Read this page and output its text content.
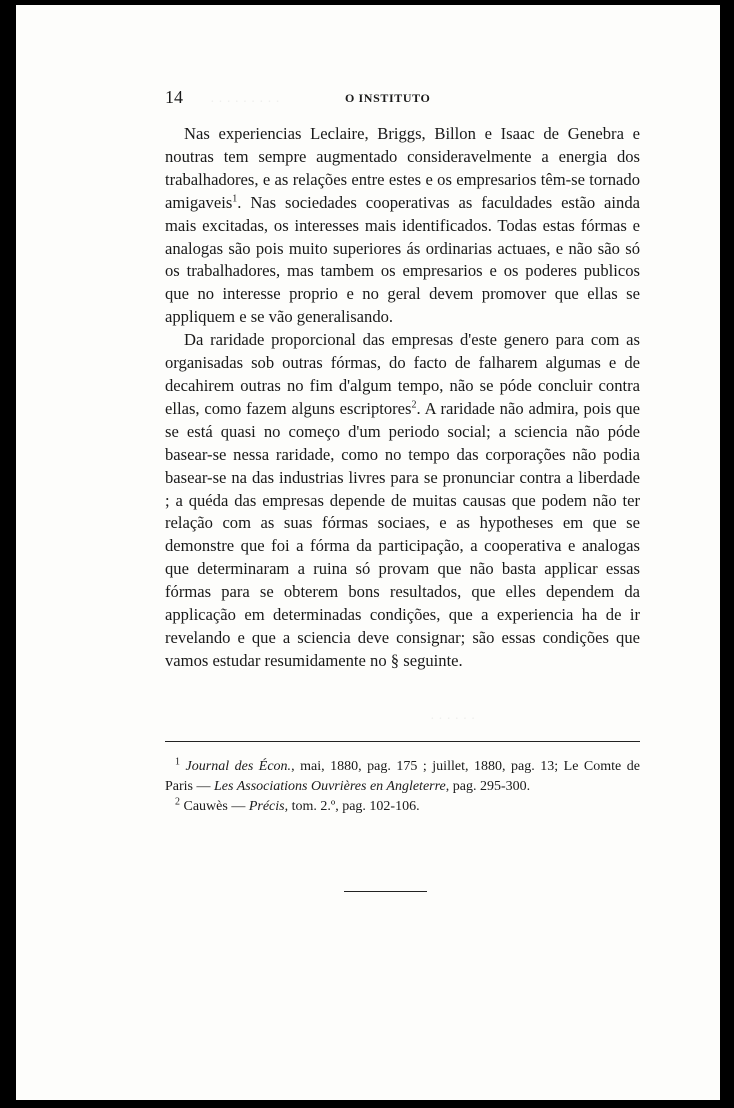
· · · · · · · · ·
· · · · · ·
14	O INSTITUTO

Nas experiencias Leclaire, Briggs, Billon e Isaac de Genebra e noutras tem sempre augmentado consideravelmente a energia dos trabalhadores, e as relações entre estes e os empresarios têm-se tornado amigaveis$^1$. Nas sociedades cooperativas as faculdades estão ainda mais excitadas, os interesses mais identificados. Todas estas fórmas e analogas são pois muito superiores ás ordinarias actuaes, e não são só os trabalhadores, mas tambem os empresarios e os poderes publicos que no interesse proprio e no geral devem promover que ellas se appliquem e se vão generalisando.

Da raridade proporcional das empresas d'este genero para com as organisadas sob outras fórmas, do facto de falharem algumas e de decahirem outras no fim d'algum tempo, não se póde concluir contra ellas, como fazem alguns escriptores$^2$. A raridade não admira, pois que se está quasi no começo d'um periodo social; a sciencia não póde basear-se nessa raridade, como no tempo das corporações não podia basear-se na das industrias livres para se pronunciar contra a liberdade ; a quéda das empresas depende de muitas causas que podem não ter relação com as suas fórmas sociaes, e as hypotheses em que se demonstre que foi a fórma da participação, a cooperativa e analogas que determinaram a ruina só provam que não basta applicar essas fórmas para se obterem bons resultados, que elles dependem da applicação em determinadas condições, que a experiencia ha de ir revelando e que a sciencia deve consignar; são essas condições que vamos estudar resumidamente no § seguinte.

$^1$ Journal des Écon., mai, 1880, pag. 175 ; juillet, 1880, pag. 13; Le Comte de Paris — Les Associations Ouvrières en Angleterre, pag. 295-300.

$^2$ Cauwès — Précis, tom. 2.º, pag. 102-106.
